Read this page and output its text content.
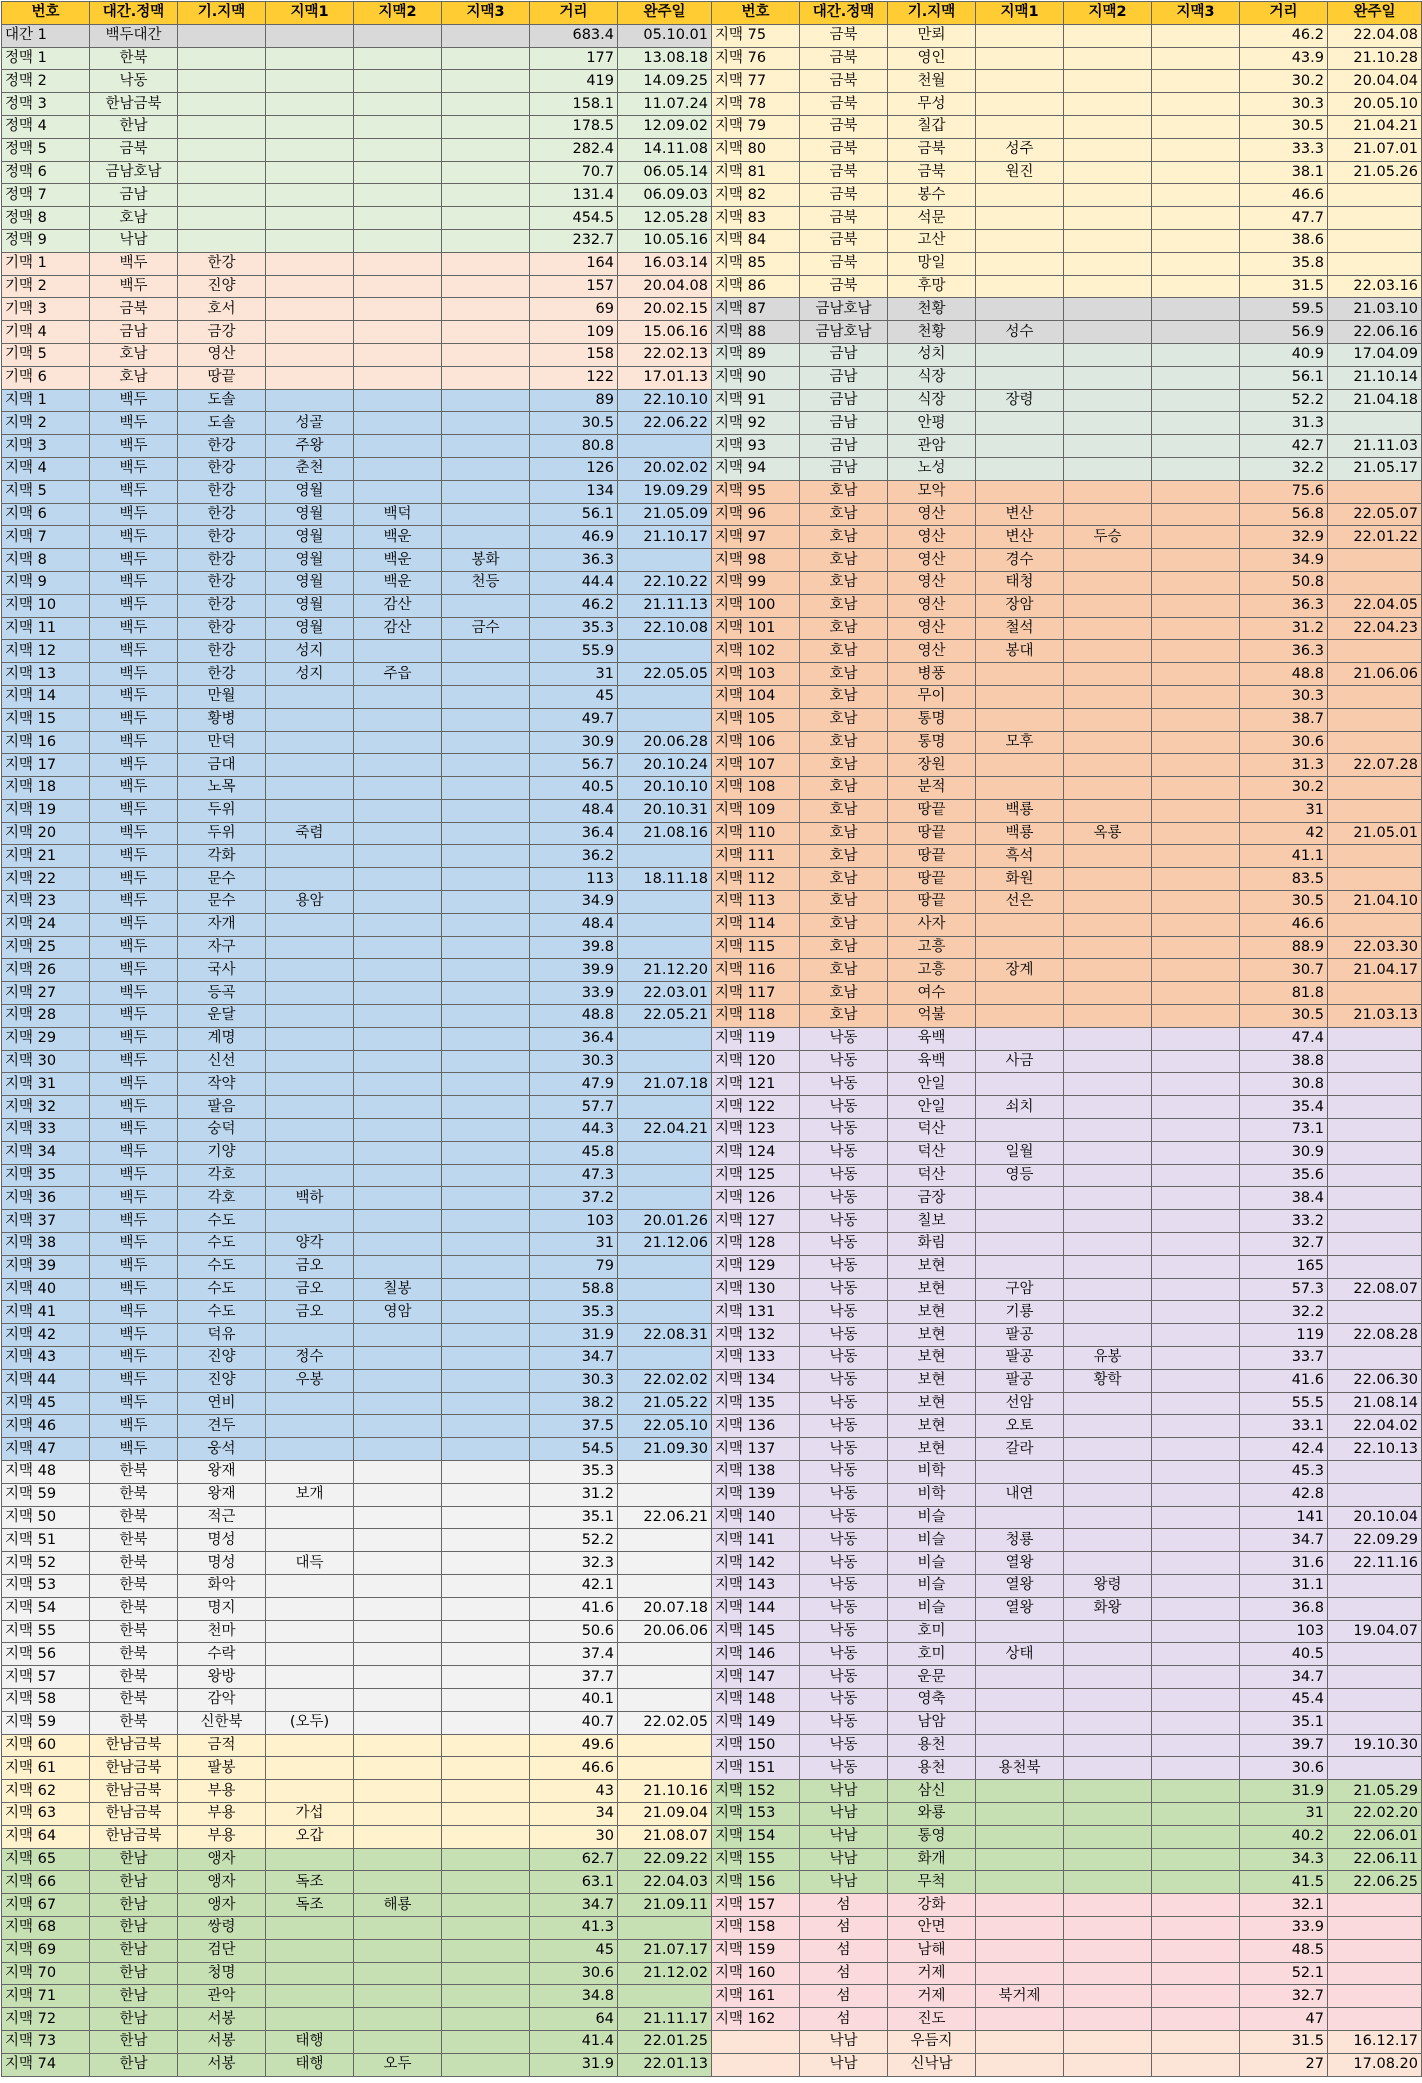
번호	대간.정맥	기.지맥	지맥1	지맥2	지맥3	거리	완주일
대간 1	백두대간					683.4	05.10.01
정맥 1	한북					177	13.08.18
정맥 2	낙동					419	14.09.25
정맥 3	한남금북					158.1	11.07.24
정맥 4	한남					178.5	12.09.02
정맥 5	금북					282.4	14.11.08
정맥 6	금남호남					70.7	06.05.14
정맥 7	금남					131.4	06.09.03
정맥 8	호남					454.5	12.05.28
정맥 9	낙남					232.7	10.05.16
기맥 1	백두	한강				164	16.03.14
기맥 2	백두	진양				157	20.04.08
기맥 3	금북	호서				69	20.02.15
기맥 4	금남	금강				109	15.06.16
기맥 5	호남	영산				158	22.02.13
기맥 6	호남	땅끝				122	17.01.13
지맥 1	백두	도솔				89	22.10.10
지맥 2	백두	도솔	성골			30.5	22.06.22
지맥 3	백두	한강	주왕			80.8	
지맥 4	백두	한강	춘천			126	20.02.02
지맥 5	백두	한강	영월			134	19.09.29
지맥 6	백두	한강	영월	백덕		56.1	21.05.09
지맥 7	백두	한강	영월	백운		46.9	21.10.17
지맥 8	백두	한강	영월	백운	봉화	36.3	
지맥 9	백두	한강	영월	백운	천등	44.4	22.10.22
지맥 10	백두	한강	영월	감산		46.2	21.11.13
지맥 11	백두	한강	영월	감산	금수	35.3	22.10.08
지맥 12	백두	한강	성지			55.9	
지맥 13	백두	한강	성지	주읍		31	22.05.05
지맥 14	백두	만월				45	
지맥 15	백두	황병				49.7	
지맥 16	백두	만덕				30.9	20.06.28
지맥 17	백두	금대				56.7	20.10.24
지맥 18	백두	노목				40.5	20.10.10
지맥 19	백두	두위				48.4	20.10.31
지맥 20	백두	두위	죽렴			36.4	21.08.16
지맥 21	백두	각화				36.2	
지맥 22	백두	문수				113	18.11.18
지맥 23	백두	문수	용암			34.9	
지맥 24	백두	자개				48.4	
지맥 25	백두	자구				39.8	
지맥 26	백두	국사				39.9	21.12.20
지맥 27	백두	등곡				33.9	22.03.01
지맥 28	백두	운달				48.8	22.05.21
지맥 29	백두	계명				36.4	
지맥 30	백두	신선				30.3	
지맥 31	백두	작약				47.9	21.07.18
지맥 32	백두	팔음				57.7	
지맥 33	백두	숭덕				44.3	22.04.21
지맥 34	백두	기양				45.8	
지맥 35	백두	각호				47.3	
지맥 36	백두	각호	백하			37.2	
지맥 37	백두	수도				103	20.01.26
지맥 38	백두	수도	양각			31	21.12.06
지맥 39	백두	수도	금오			79	
지맥 40	백두	수도	금오	칠봉		58.8	
지맥 41	백두	수도	금오	영암		35.3	
지맥 42	백두	덕유				31.9	22.08.31
지맥 43	백두	진양	정수			34.7	
지맥 44	백두	진양	우봉			30.3	22.02.02
지맥 45	백두	연비				38.2	21.05.22
지맥 46	백두	견두				37.5	22.05.10
지맥 47	백두	웅석				54.5	21.09.30
지맥 48	한북	왕재				35.3	
지맥 59	한북	왕재	보개			31.2	
지맥 50	한북	적근				35.1	22.06.21
지맥 51	한북	명성				52.2	
지맥 52	한북	명성	대득			32.3	
지맥 53	한북	화악				42.1	
지맥 54	한북	명지				41.6	20.07.18
지맥 55	한북	천마				50.6	20.06.06
지맥 56	한북	수락				37.4	
지맥 57	한북	왕방				37.7	
지맥 58	한북	감악				40.1	
지맥 59	한북	신한북	(오두)			40.7	22.02.05
지맥 60	한남금북	금적				49.6	
지맥 61	한남금북	팔봉				46.6	
지맥 62	한남금북	부용				43	21.10.16
지맥 63	한남금북	부용	가섭			34	21.09.04
지맥 64	한남금북	부용	오갑			30	21.08.07
지맥 65	한남	앵자				62.7	22.09.22
지맥 66	한남	앵자	독조			63.1	22.04.03
지맥 67	한남	앵자	독조	해룡		34.7	21.09.11
지맥 68	한남	쌍령				41.3	
지맥 69	한남	검단				45	21.07.17
지맥 70	한남	청명				30.6	21.12.02
지맥 71	한남	관악				34.8	
지맥 72	한남	서봉				64	21.11.17
지맥 73	한남	서봉	태행			41.4	22.01.25
지맥 74	한남	서봉	태행	오두		31.9	22.01.13
번호	대간.정맥	기.지맥	지맥1	지맥2	지맥3	거리	완주일
지맥 75	금북	만뢰				46.2	22.04.08
지맥 76	금북	영인				43.9	21.10.28
지맥 77	금북	천월				30.2	20.04.04
지맥 78	금북	무성				30.3	20.05.10
지맥 79	금북	칠갑				30.5	21.04.21
지맥 80	금북	금북	성주			33.3	21.07.01
지맥 81	금북	금북	원진			38.1	21.05.26
지맥 82	금북	봉수				46.6	
지맥 83	금북	석문				47.7	
지맥 84	금북	고산				38.6	
지맥 85	금북	망일				35.8	
지맥 86	금북	후망				31.5	22.03.16
지맥 87	금남호남	천황				59.5	21.03.10
지맥 88	금남호남	천황	성수			56.9	22.06.16
지맥 89	금남	성치				40.9	17.04.09
지맥 90	금남	식장				56.1	21.10.14
지맥 91	금남	식장	장령			52.2	21.04.18
지맥 92	금남	안평				31.3	
지맥 93	금남	관암				42.7	21.11.03
지맥 94	금남	노성				32.2	21.05.17
지맥 95	호남	모악				75.6	
지맥 96	호남	영산	변산			56.8	22.05.07
지맥 97	호남	영산	변산	두승		32.9	22.01.22
지맥 98	호남	영산	경수			34.9	
지맥 99	호남	영산	태청			50.8	
지맥 100	호남	영산	장암			36.3	22.04.05
지맥 101	호남	영산	철석			31.2	22.04.23
지맥 102	호남	영산	봉대			36.3	
지맥 103	호남	병풍				48.8	21.06.06
지맥 104	호남	무이				30.3	
지맥 105	호남	통명				38.7	
지맥 106	호남	통명	모후			30.6	
지맥 107	호남	장원				31.3	22.07.28
지맥 108	호남	분적				30.2	
지맥 109	호남	땅끝	백룡			31	
지맥 110	호남	땅끝	백룡	옥룡		42	21.05.01
지맥 111	호남	땅끝	흑석			41.1	
지맥 112	호남	땅끝	화원			83.5	
지맥 113	호남	땅끝	선은			30.5	21.04.10
지맥 114	호남	사자				46.6	
지맥 115	호남	고흥				88.9	22.03.30
지맥 116	호남	고흥	장계			30.7	21.04.17
지맥 117	호남	여수				81.8	
지맥 118	호남	억불				30.5	21.03.13
지맥 119	낙동	육백				47.4	
지맥 120	낙동	육백	사금			38.8	
지맥 121	낙동	안일				30.8	
지맥 122	낙동	안일	쇠치			35.4	
지맥 123	낙동	덕산				73.1	
지맥 124	낙동	덕산	일월			30.9	
지맥 125	낙동	덕산	영등			35.6	
지맥 126	낙동	금장				38.4	
지맥 127	낙동	칠보				33.2	
지맥 128	낙동	화림				32.7	
지맥 129	낙동	보현				165	
지맥 130	낙동	보현	구암			57.3	22.08.07
지맥 131	낙동	보현	기룡			32.2	
지맥 132	낙동	보현	팔공			119	22.08.28
지맥 133	낙동	보현	팔공	유봉		33.7	
지맥 134	낙동	보현	팔공	황학		41.6	22.06.30
지맥 135	낙동	보현	선암			55.5	21.08.14
지맥 136	낙동	보현	오토			33.1	22.04.02
지맥 137	낙동	보현	갈라			42.4	22.10.13
지맥 138	낙동	비학				45.3	
지맥 139	낙동	비학	내연			42.8	
지맥 140	낙동	비슬				141	20.10.04
지맥 141	낙동	비슬	청룡			34.7	22.09.29
지맥 142	낙동	비슬	열왕			31.6	22.11.16
지맥 143	낙동	비슬	열왕	왕령		31.1	
지맥 144	낙동	비슬	열왕	화왕		36.8	
지맥 145	낙동	호미				103	19.04.07
지맥 146	낙동	호미	상태			40.5	
지맥 147	낙동	운문				34.7	
지맥 148	낙동	영축				45.4	
지맥 149	낙동	남암				35.1	
지맥 150	낙동	용천				39.7	19.10.30
지맥 151	낙동	용천	용천북			30.6	
지맥 152	낙남	삼신				31.9	21.05.29
지맥 153	낙남	와룡				31	22.02.20
지맥 154	낙남	통영				40.2	22.06.01
지맥 155	낙남	화개				34.3	22.06.11
지맥 156	낙남	무척				41.5	22.06.25
지맥 157	섬	강화				32.1	
지맥 158	섬	안면				33.9	
지맥 159	섬	남해				48.5	
지맥 160	섬	거제				52.1	
지맥 161	섬	거제	북거제			32.7	
지맥 162	섬	진도				47	
	낙남	우듬지				31.5	16.12.17
	낙남	신낙남				27	17.08.20
